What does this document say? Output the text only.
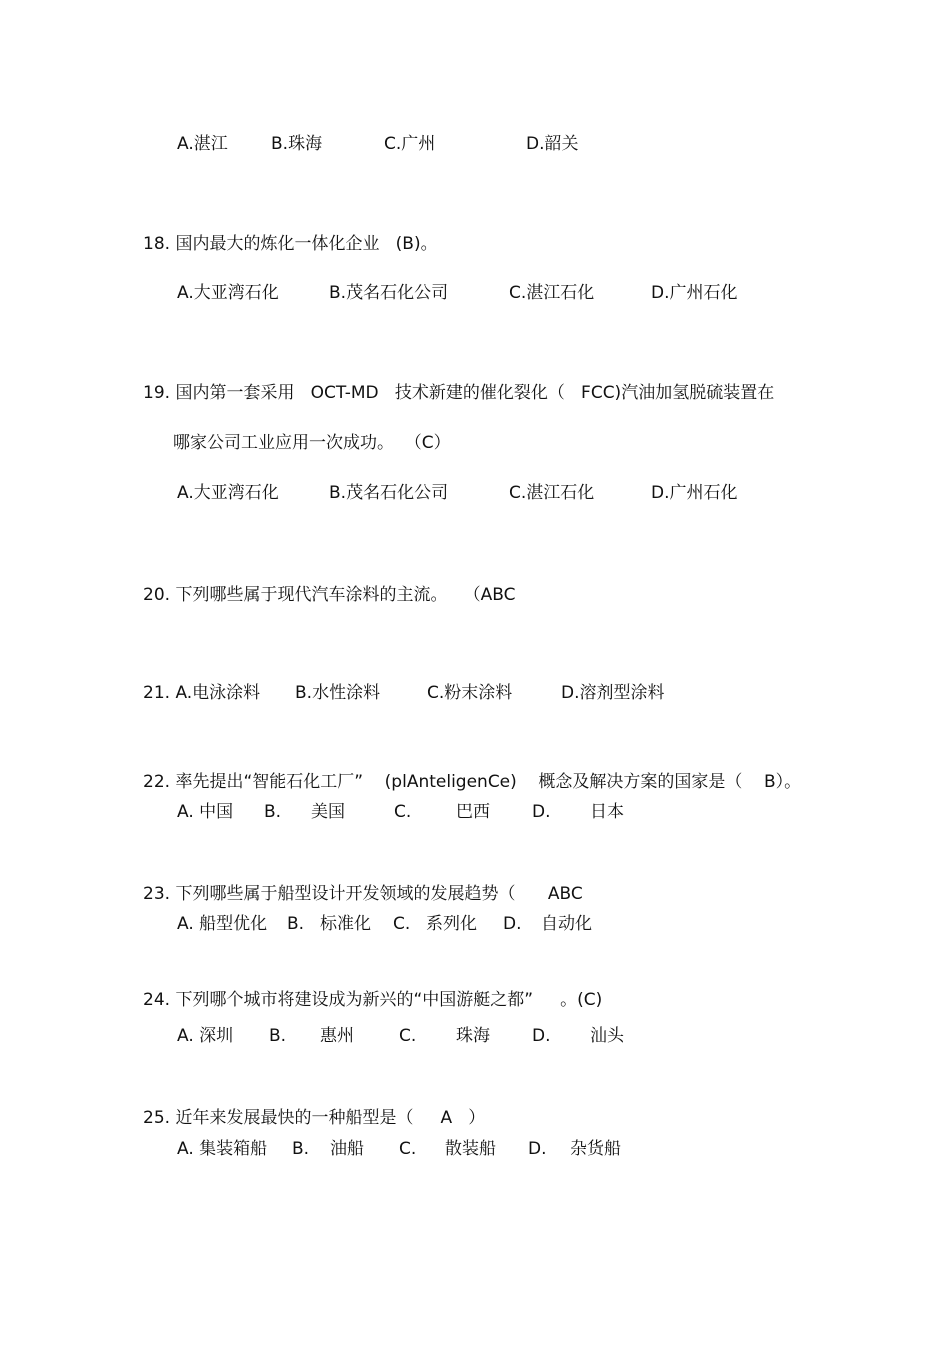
A.湛江	B.珠海	C.广州	D.韶关
18. 国内最大的炼化一体化企业   (B)。
A.大亚湾石化	B.茂名石化公司	C.湛江石化	D.广州石化
19. 国内第一套采用   OCT-MD   技术新建的催化裂化（   FCC)汽油加氢脱硫装置在
哪家公司工业应用一次成功。  （C）
A.大亚湾石化	B.茂名石化公司	C.湛江石化	D.广州石化
20. 下列哪些属于现代汽车涂料的主流。   （ABC
21. A.电泳涂料 B.水性涂料	C.粉末涂料	D.溶剂型涂料
22. 率先提出“智能石化工厂”    (plAnteligenCe)    概念及解决方案的国家是（    B）。
A. 中国 B. 美国	C.	巴西 D. 日本
23. 下列哪些属于船型设计开发领域的发展趋势（      ABC
A. 船型优化 B. 标准化 C. 系列化 D. 自动化
24. 下列哪个城市将建设成为新兴的“中国游艇之都”     。(C)
A. 深圳 B. 惠州	C. 珠海 D. 汕头
25. 近年来发展最快的一种船型是（     A   ）
A. 集装箱船 B. 油船 C. 散装船 D. 杂货船
